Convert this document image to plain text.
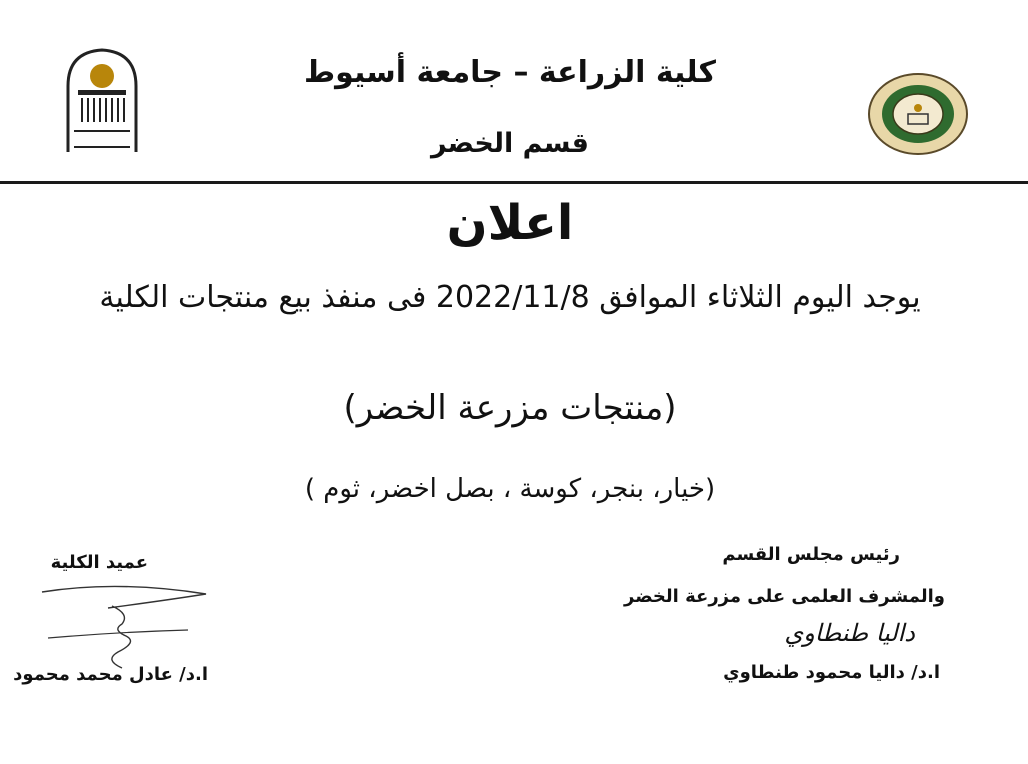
كلية الزراعة – جامعة أسيوط
قسم الخضر
اعلان
يوجد اليوم الثلاثاء الموافق 2022/11/8 فى منفذ بيع منتجات الكلية
(منتجات مزرعة الخضر)
(خيار، بنجر، كوسة ، بصل اخضر، ثوم )
رئيس مجلس القسم
والمشرف العلمى على مزرعة الخضر
داليا طنطاوي
ا.د/ داليا محمود طنطاوي
عميد الكلية
ا.د/ عادل محمد محمود
